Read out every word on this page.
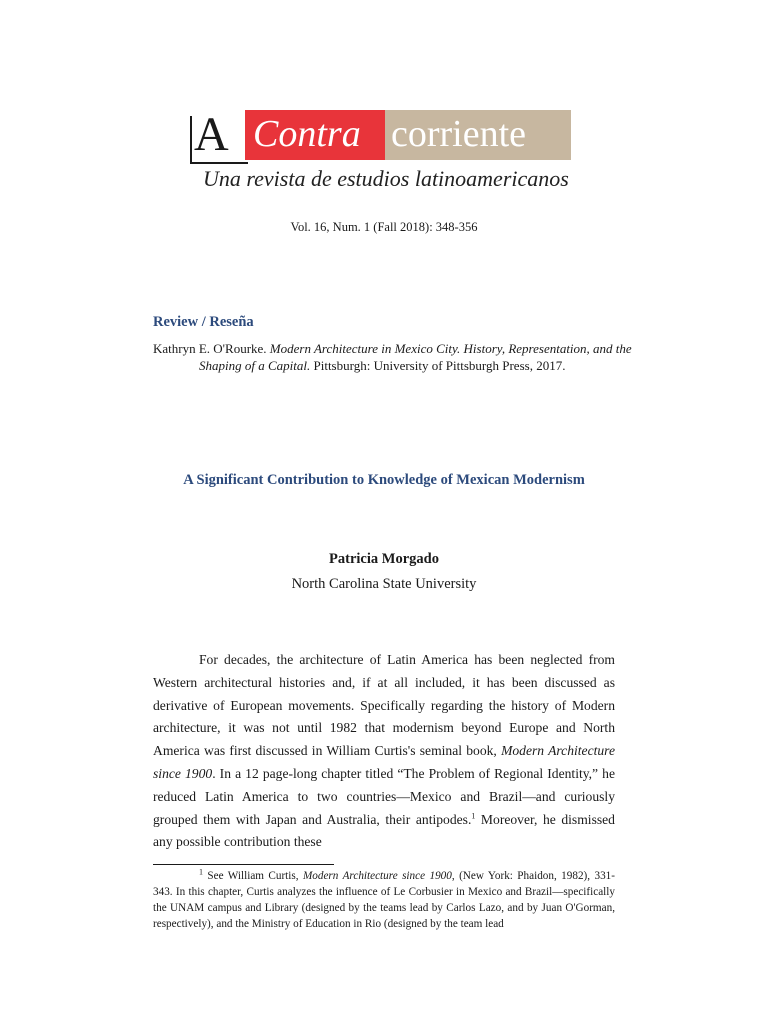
A Contra corriente
Una revista de estudios latinoamericanos
Vol. 16, Num. 1 (Fall 2018): 348-356
Review / Reseña
Kathryn E. O'Rourke. Modern Architecture in Mexico City. History, Representation, and the Shaping of a Capital. Pittsburgh: University of Pittsburgh Press, 2017.
A Significant Contribution to Knowledge of Mexican Modernism
Patricia Morgado
North Carolina State University
For decades, the architecture of Latin America has been neglected from Western architectural histories and, if at all included, it has been discussed as derivative of European movements. Specifically regarding the history of Modern architecture, it was not until 1982 that modernism beyond Europe and North America was first discussed in William Curtis's seminal book, Modern Architecture since 1900. In a 12 page-long chapter titled “The Problem of Regional Identity,” he reduced Latin America to two countries—Mexico and Brazil—and curiously grouped them with Japan and Australia, their antipodes.$^1$ Moreover, he dismissed any possible contribution these
$^1$ See William Curtis, Modern Architecture since 1900, (New York: Phaidon, 1982), 331-343. In this chapter, Curtis analyzes the influence of Le Corbusier in Mexico and Brazil—specifically the UNAM campus and Library (designed by the teams lead by Carlos Lazo, and by Juan O'Gorman, respectively), and the Ministry of Education in Rio (designed by the team lead
